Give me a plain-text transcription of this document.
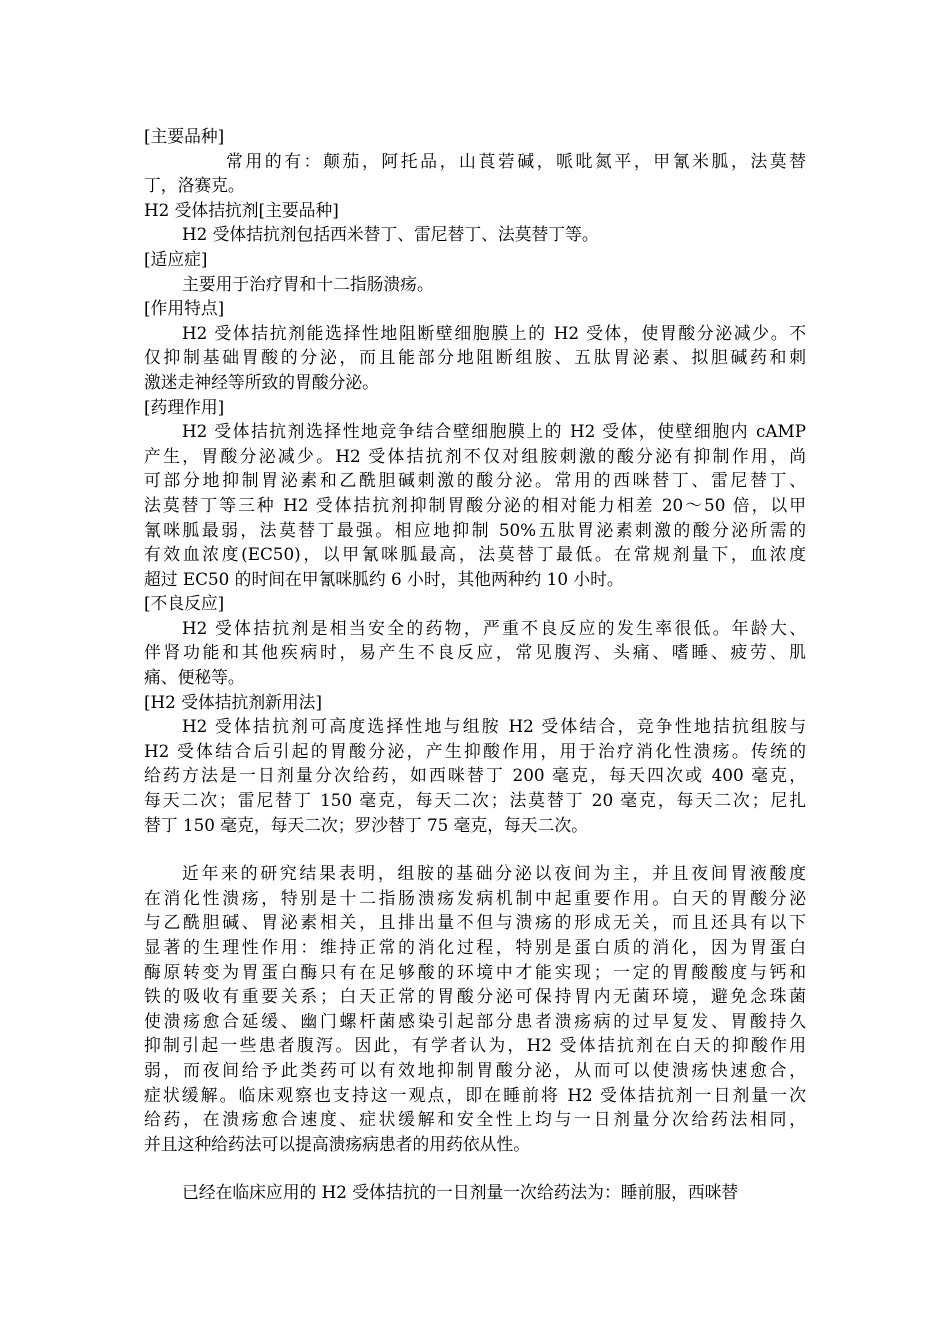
[主要品种]
常用的有：颠茄，阿托品，山莨菪碱，哌吡氮平，甲氰米胍，法莫替
丁，洛赛克。
H2 受体拮抗剂[主要品种]
H2 受体拮抗剂包括西米替丁、雷尼替丁、法莫替丁等。
[适应症]
主要用于治疗胃和十二指肠溃疡。
[作用特点]
H2 受体拮抗剂能选择性地阻断壁细胞膜上的 H2 受体，使胃酸分泌减少。不
仅抑制基础胃酸的分泌，而且能部分地阻断组胺、五肽胃泌素、拟胆碱药和刺
激迷走神经等所致的胃酸分泌。
[药理作用]
H2 受体拮抗剂选择性地竞争结合壁细胞膜上的 H2 受体，使壁细胞内 cAMP
产生，胃酸分泌减少。H2 受体拮抗剂不仅对组胺刺激的酸分泌有抑制作用，尚
可部分地抑制胃泌素和乙酰胆碱刺激的酸分泌。常用的西咪替丁、雷尼替丁、
法莫替丁等三种 H2 受体拮抗剂抑制胃酸分泌的相对能力相差 20～50 倍，以甲
氰咪胍最弱，法莫替丁最强。相应地抑制 50%五肽胃泌素刺激的酸分泌所需的
有效血浓度(EC50)，以甲氰咪胍最高，法莫替丁最低。在常规剂量下，血浓度
超过 EC50 的时间在甲氰咪胍约 6 小时，其他两种约 10 小时。
[不良反应]
H2 受体拮抗剂是相当安全的药物，严重不良反应的发生率很低。年龄大、
伴肾功能和其他疾病时，易产生不良反应，常见腹泻、头痛、嗜睡、疲劳、肌
痛、便秘等。
[H2 受体拮抗剂新用法]
H2 受体拮抗剂可高度选择性地与组胺 H2 受体结合，竞争性地拮抗组胺与
H2 受体结合后引起的胃酸分泌，产生抑酸作用，用于治疗消化性溃疡。传统的
给药方法是一日剂量分次给药，如西咪替丁 200 毫克，每天四次或 400 毫克，
每天二次；雷尼替丁 150 毫克，每天二次；法莫替丁 20 毫克，每天二次；尼扎
替丁 150 毫克，每天二次；罗沙替丁 75 毫克，每天二次。
近年来的研究结果表明，组胺的基础分泌以夜间为主，并且夜间胃液酸度
在消化性溃疡，特别是十二指肠溃疡发病机制中起重要作用。白天的胃酸分泌
与乙酰胆碱、胃泌素相关，且排出量不但与溃疡的形成无关，而且还具有以下
显著的生理性作用：维持正常的消化过程，特别是蛋白质的消化，因为胃蛋白
酶原转变为胃蛋白酶只有在足够酸的环境中才能实现；一定的胃酸酸度与钙和
铁的吸收有重要关系；白天正常的胃酸分泌可保持胃内无菌环境，避免念珠菌
使溃疡愈合延缓、幽门螺杆菌感染引起部分患者溃疡病的过早复发、胃酸持久
抑制引起一些患者腹泻。因此，有学者认为，H2 受体拮抗剂在白天的抑酸作用
弱，而夜间给予此类药可以有效地抑制胃酸分泌，从而可以使溃疡快速愈合，
症状缓解。临床观察也支持这一观点，即在睡前将 H2 受体拮抗剂一日剂量一次
给药，在溃疡愈合速度、症状缓解和安全性上均与一日剂量分次给药法相同，
并且这种给药法可以提高溃疡病患者的用药依从性。
已经在临床应用的 H2 受体拮抗的一日剂量一次给药法为：睡前服，西咪替
